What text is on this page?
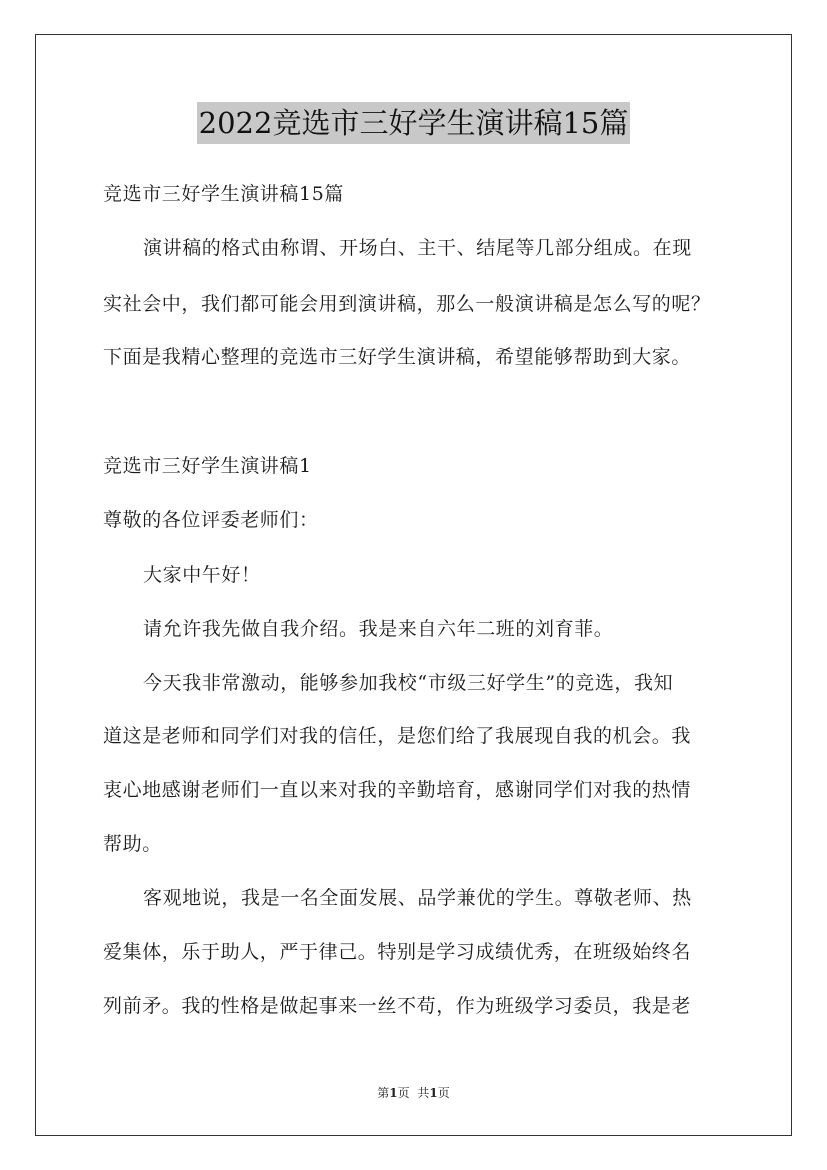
2022竞选市三好学生演讲稿15篇
竞选市三好学生演讲稿15篇
演讲稿的格式由称谓、开场白、主干、结尾等几部分组成。在现
实社会中，我们都可能会用到演讲稿，那么一般演讲稿是怎么写的呢？
下面是我精心整理的竞选市三好学生演讲稿，希望能够帮助到大家。
竞选市三好学生演讲稿1
尊敬的各位评委老师们：
大家中午好！
请允许我先做自我介绍。我是来自六年二班的刘育菲。
今天我非常激动，能够参加我校“市级三好学生”的竞选，我知
道这是老师和同学们对我的信任，是您们给了我展现自我的机会。我
衷心地感谢老师们一直以来对我的辛勤培育，感谢同学们对我的热情
帮助。
客观地说，我是一名全面发展、品学兼优的学生。尊敬老师、热
爱集体，乐于助人，严于律己。特别是学习成绩优秀，在班级始终名
列前矛。我的性格是做起事来一丝不苟，作为班级学习委员，我是老
第1页 共1页
